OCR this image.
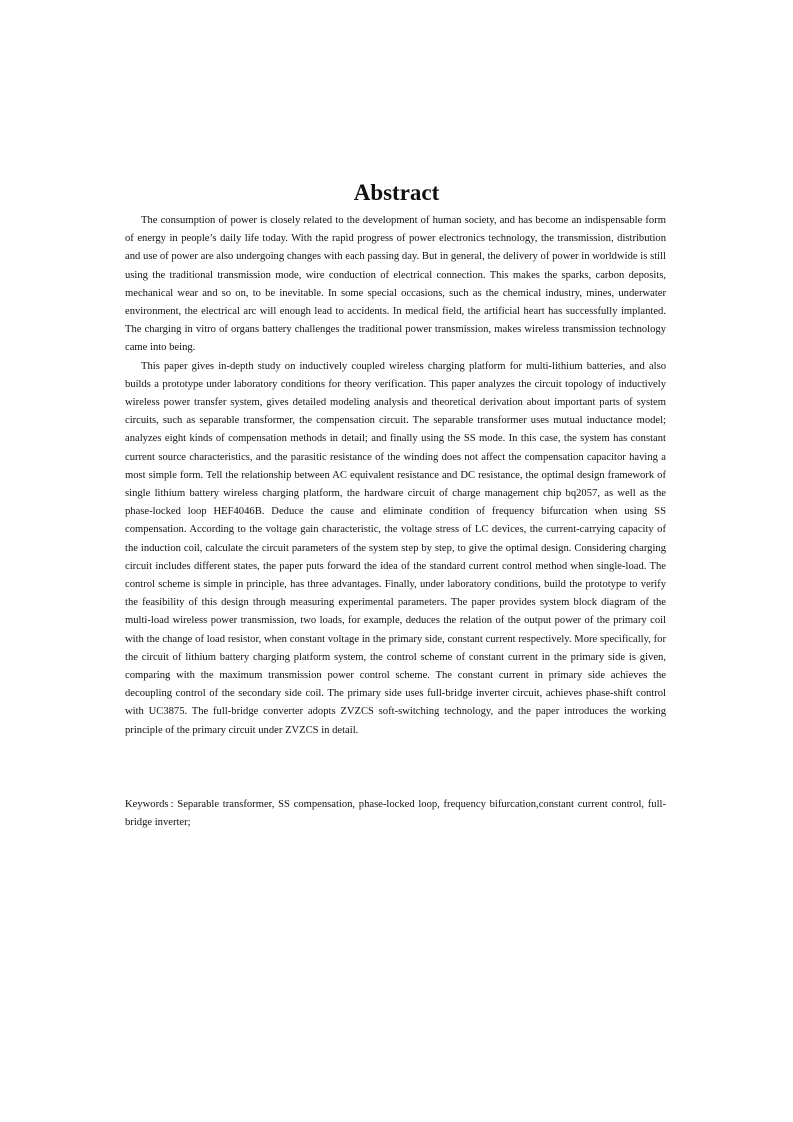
Abstract

The consumption of power is closely related to the development of human society, and has become an indispensable form of energy in people’s daily life today. With the rapid progress of power electronics technology, the transmission, distribution and use of power are also undergoing changes with each passing day. But in general, the delivery of power in worldwide is still using the traditional transmission mode, wire conduction of electrical connection. This makes the sparks, carbon deposits, mechanical wear and so on, to be inevitable. In some special occasions, such as the chemical industry, mines, underwater environment, the electrical arc will enough lead to accidents. In medical field, the artificial heart has successfully implanted. The charging in vitro of organs battery challenges the traditional power transmission, makes wireless transmission technology came into being.

This paper gives in-depth study on inductively coupled wireless charging platform for multi-lithium batteries, and also builds a prototype under laboratory conditions for theory verification. This paper analyzes the circuit topology of inductively wireless power transfer system, gives detailed modeling analysis and theoretical derivation about important parts of system circuits, such as separable transformer, the compensation circuit. The separable transformer uses mutual inductance model; analyzes eight kinds of compensation methods in detail; and finally using the SS mode. In this case, the system has constant current source characteristics, and the parasitic resistance of the winding does not affect the compensation capacitor having a most simple form. Tell the relationship between AC equivalent resistance and DC resistance, the optimal design framework of single lithium battery wireless charging platform, the hardware circuit of charge management chip bq2057, as well as the phase-locked loop HEF4046B. Deduce the cause and eliminate condition of frequency bifurcation when using SS compensation. According to the voltage gain characteristic, the voltage stress of LC devices, the current-carrying capacity of the induction coil, calculate the circuit parameters of the system step by step, to give the optimal design. Considering charging circuit includes different states, the paper puts forward the idea of the standard current control method when single-load. The control scheme is simple in principle, has three advantages. Finally, under laboratory conditions, build the prototype to verify the feasibility of this design through measuring experimental parameters. The paper provides system block diagram of the multi-load wireless power transmission, two loads, for example, deduces the relation of the output power of the primary coil with the change of load resistor, when constant voltage in the primary side, constant current respectively. More specifically, for the circuit of lithium battery charging platform system, the control scheme of constant current in the primary side is given, comparing with the maximum transmission power control scheme. The constant current in primary side achieves the decoupling control of the secondary side coil. The primary side uses full-bridge inverter circuit, achieves phase-shift control with UC3875. The full-bridge converter adopts ZVZCS soft-switching technology, and the paper introduces the working principle of the primary circuit under ZVZCS in detail.

Keywords : Separable transformer, SS compensation, phase-locked loop, frequency bifurcation,constant current control, full-bridge inverter;
